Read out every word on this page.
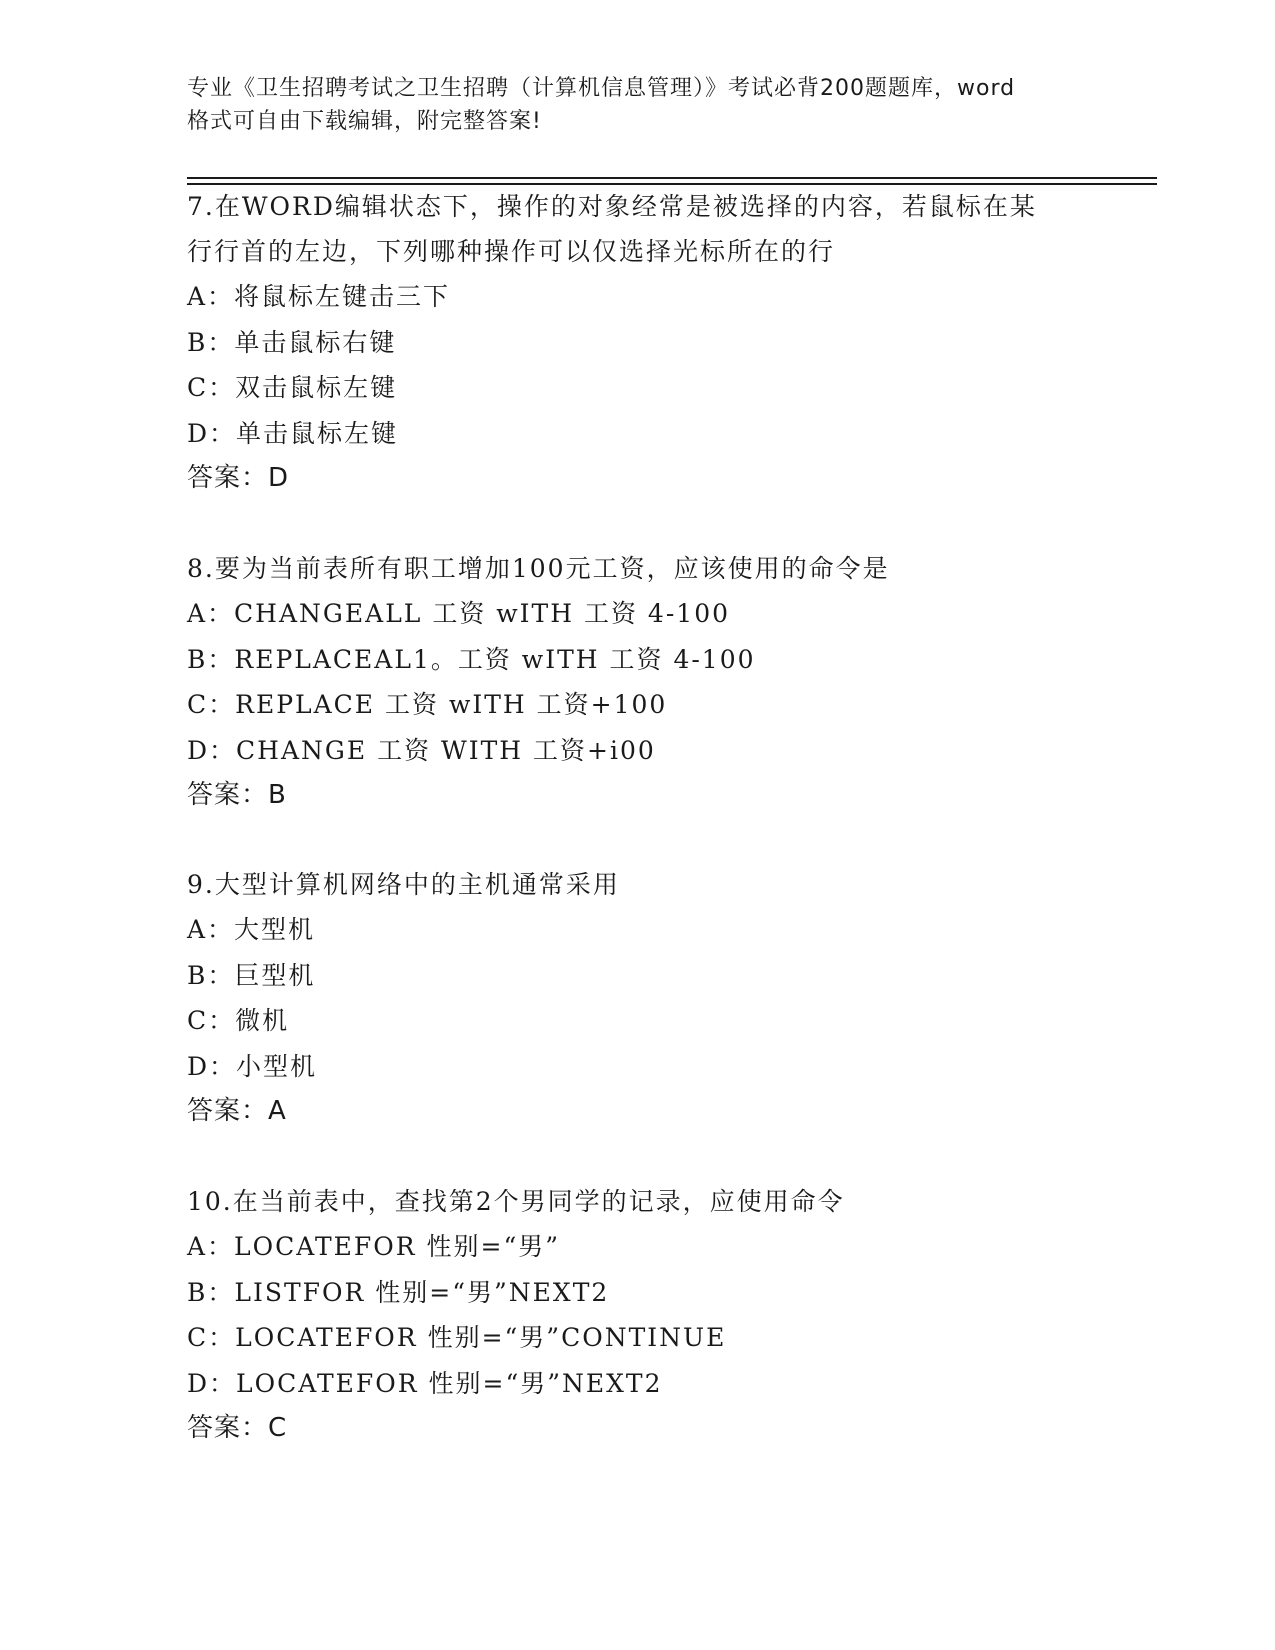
专业《卫生招聘考试之卫生招聘（计算机信息管理）》考试必背200题题库，word
格式可自由下载编辑，附完整答案!

7.在WORD编辑状态下，操作的对象经常是被选择的内容，若鼠标在某
行行首的左边，下列哪种操作可以仅选择光标所在的行

A：将鼠标左键击三下

B：单击鼠标右键

C：双击鼠标左键

D：单击鼠标左键

答案：D

8.要为当前表所有职工增加100元工资，应该使用的命令是

A：CHANGEALL 工资 wITH 工资 4-100

B：REPLACEAL1。工资 wITH 工资 4-100

C：REPLACE 工资 wITH 工资+100

D：CHANGE 工资 WITH 工资+i00

答案：B

9.大型计算机网络中的主机通常采用

A：大型机

B：巨型机

C：微机

D：小型机

答案：A

10.在当前表中，查找第2个男同学的记录，应使用命令

A：LOCATEFOR 性别=“男”

B：LISTFOR 性别=“男”NEXT2

C：LOCATEFOR 性别=“男”CONTINUE

D：LOCATEFOR 性别=“男”NEXT2

答案：C
